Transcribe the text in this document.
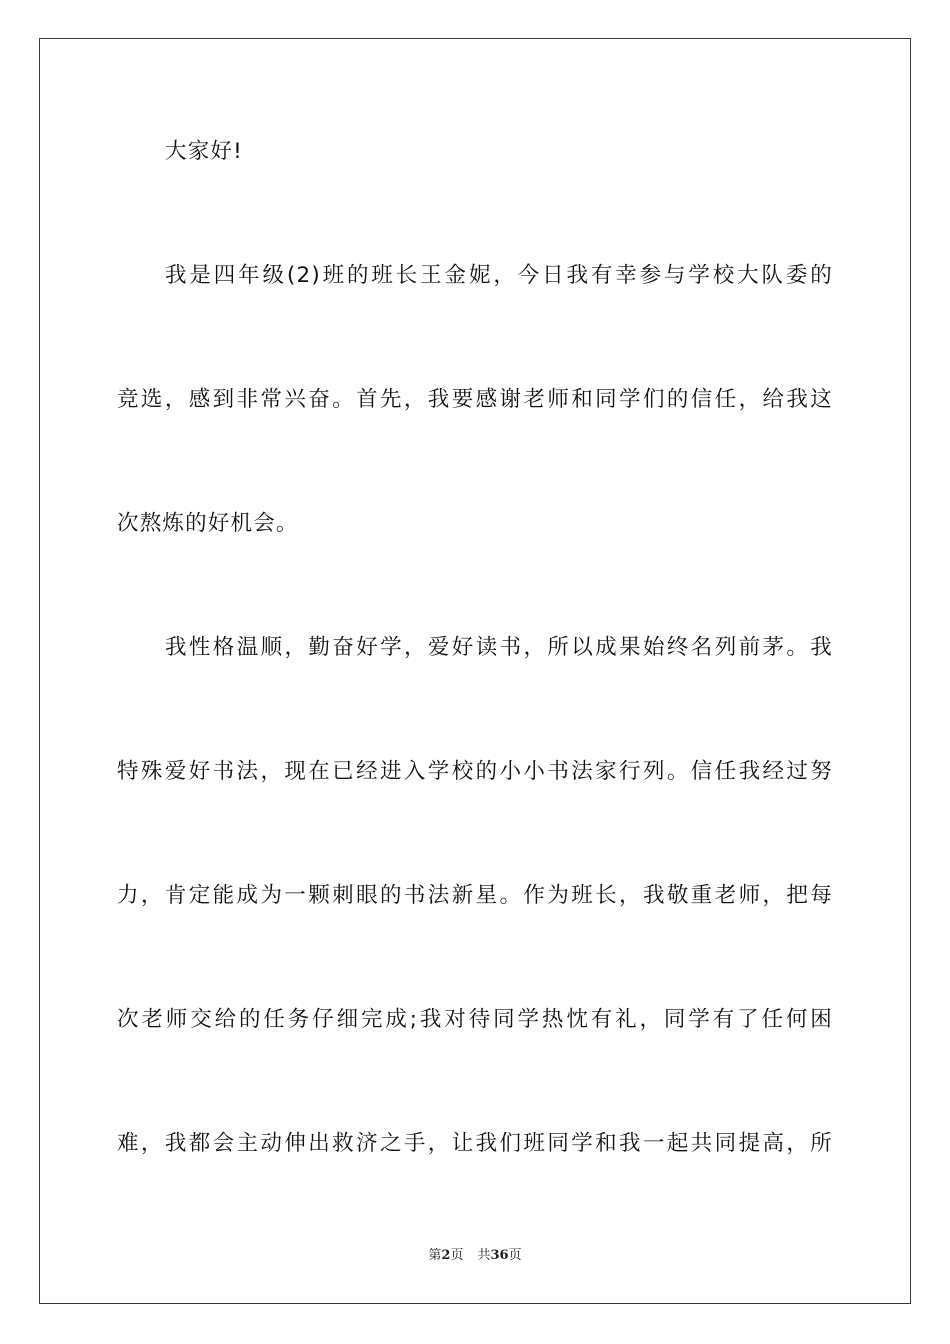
大家好!

我是四年级(2)班的班长王金妮，今日我有幸参与学校大队委的

竞选，感到非常兴奋。首先，我要感谢老师和同学们的信任，给我这

次熬炼的好机会。

我性格温顺，勤奋好学，爱好读书，所以成果始终名列前茅。我

特殊爱好书法，现在已经进入学校的小小书法家行列。信任我经过努

力，肯定能成为一颗刺眼的书法新星。作为班长，我敬重老师，把每

次老师交给的任务仔细完成;我对待同学热忱有礼，同学有了任何困

难，我都会主动伸出救济之手，让我们班同学和我一起共同提高，所

第2页 共36页
